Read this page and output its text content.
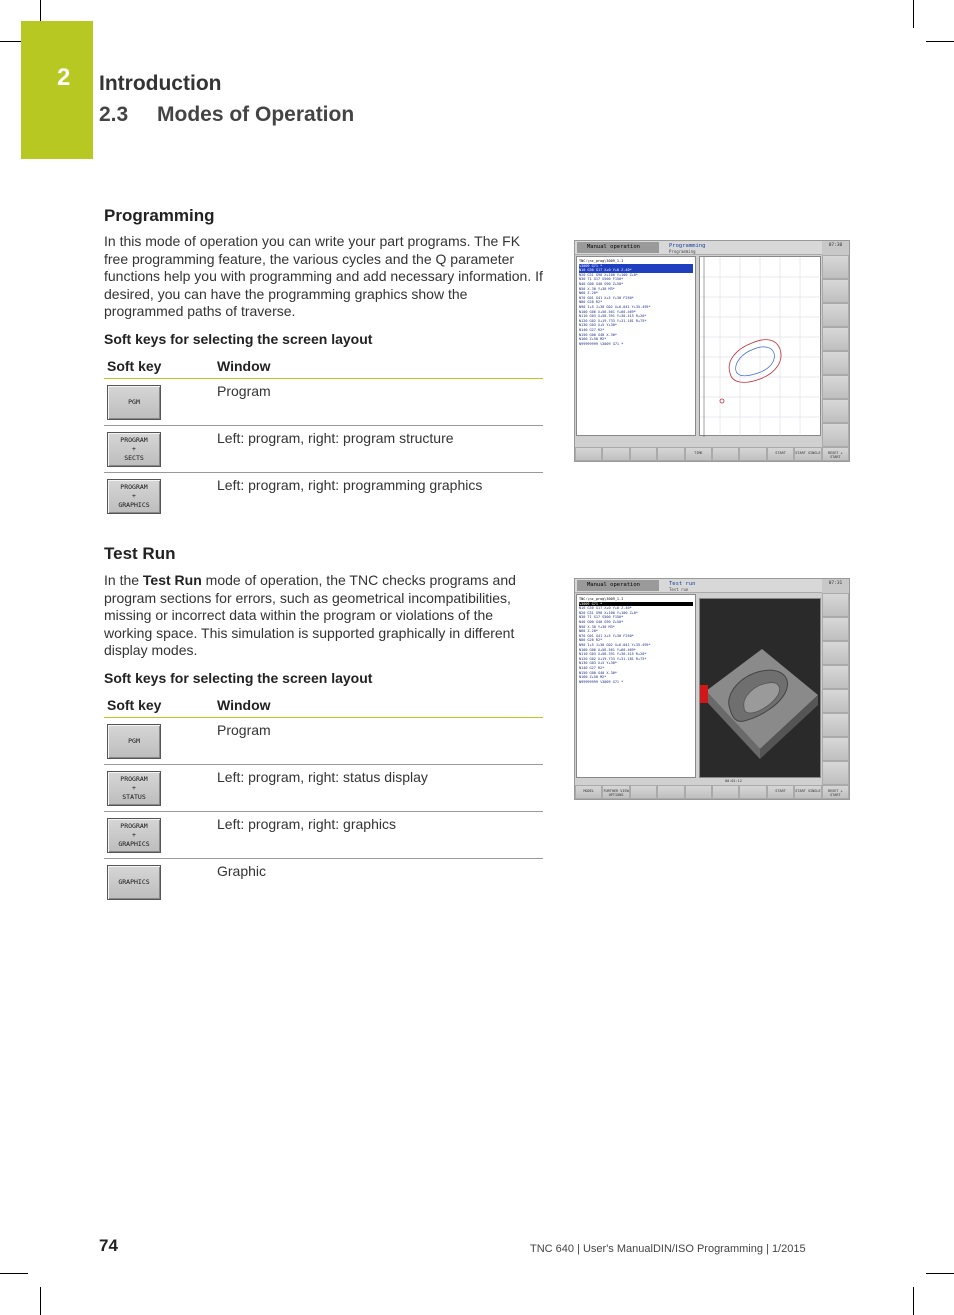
2 Introduction
2.3 Modes of Operation
Programming
In this mode of operation you can write your part programs. The FK free programming feature, the various cycles and the Q parameter functions help you with programming and add necessary information. If desired, you can have the programming graphics show the programmed paths of traverse.
Soft keys for selecting the screen layout
Soft key	Window

PGM	Program

PROGRAM
+
SECTS	Left: program, right: program structure

PROGRAM
+
GRAPHICS	Left: program, right: programming graphics
Manual operation	Programming
Programming
07:30
TNC:\nc_prog\3009_1.I
%3009 G71 *
N10 G30 G17 X+0 Y+0 Z-40*
N20 G31 G90 X+100 Y+100 Z+0*
N30 T1 G17 S500 F150*
N40 G00 G40 G90 Z+50*
N50 X-30 Y+30 M3*
N60 Z-20*
N70 G01 G41 X+5 Y+30 F250*
N80 G26 R2*
N90 I+5 J+30 G02 X+6.041 Y+35.495*
N100 G06 X+56.561 Y+60.469*
N110 G03 X+58.391 Y+30.415 R+20*
N120 G02 X+19.733 Y+31.181 R+75*
N130 G03 X+5 Y+30*
N140 G27 R2*
N150 G00 G40 X-30*
N160 Z+50 M2*
N99999999 %3009 G71 *
TIME	START	START SINGLE	RESET + START
Test Run
In the Test Run mode of operation, the TNC checks programs and program sections for errors, such as geometrical incompatibilities, missing or incorrect data within the program or violations of the working space. This simulation is supported graphically in different display modes.
Soft keys for selecting the screen layout
Soft key	Window

PGM	Program

PROGRAM
+
STATUS	Left: program, right: status display

PROGRAM
+
GRAPHICS	Left: program, right: graphics

GRAPHICS	Graphic
Manual operation	Test run
Test run
07:31
TNC:\nc_prog\3009_1.I
%3009 G71 *
N10 G30 G17 X+0 Y+0 Z-40*
N20 G31 G90 X+100 Y+100 Z+0*
N30 T1 G17 S500 F150*
N40 G00 G40 G90 Z+50*
N50 X-30 Y+30 M3*
N60 Z-20*
N70 G01 G41 X+5 Y+30 F250*
N80 G26 R2*
N90 I+5 J+30 G02 X+6.041 Y+35.495*
N100 G06 X+56.561 Y+60.469*
N110 G03 X+58.391 Y+30.415 R+20*
N120 G02 X+19.733 Y+31.181 R+75*
N130 G03 X+5 Y+30*
N140 G27 R2*
N150 G00 G40 X-30*
N160 Z+50 M2*
N99999999 %3009 G71 *
00:01:12
MODEL	FURTHER VIEW OPTIONS
START	START SINGLE	RESET + START
74	TNC 640 | User's ManualDIN/ISO Programming | 1/2015
